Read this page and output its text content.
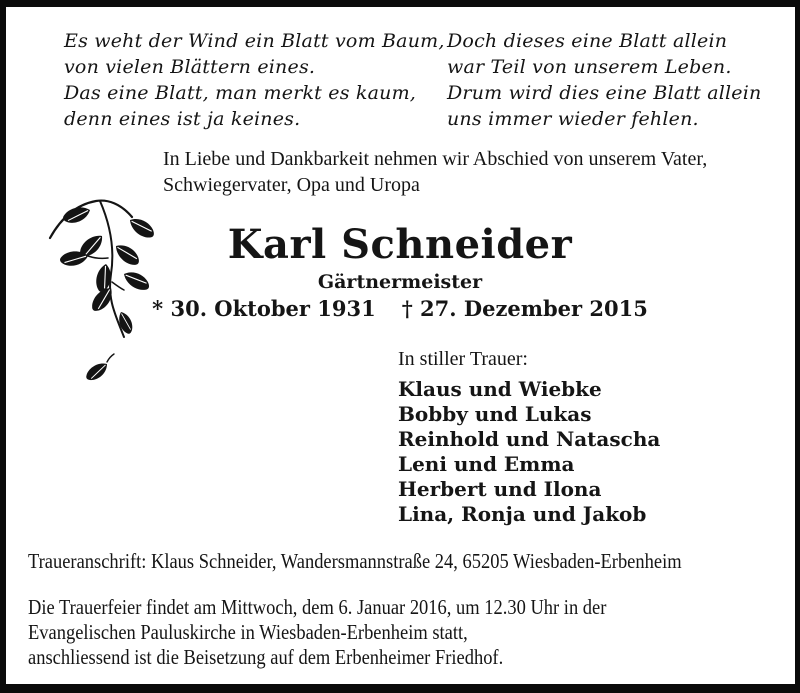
Es weht der Wind ein Blatt vom Baum,
von vielen Blättern eines.
Das eine Blatt, man merkt es kaum,
denn eines ist ja keines.
Doch dieses eine Blatt allein
war Teil von unserem Leben.
Drum wird dies eine Blatt allein
uns immer wieder fehlen.
In Liebe und Dankbarkeit nehmen wir Abschied von unserem Vater,
Schwiegervater, Opa und Uropa
Karl Schneider
Gärtnermeister
* 30. Oktober 1931 † 27. Dezember 2015
In stiller Trauer:
Klaus und Wiebke
Bobby und Lukas
Reinhold und Natascha
Leni und Emma
Herbert und Ilona
Lina, Ronja und Jakob
Traueranschrift: Klaus Schneider, Wandersmannstraße 24, 65205 Wiesbaden-Erbenheim
Die Trauerfeier findet am Mittwoch, dem 6. Januar 2016, um 12.30 Uhr in der
Evangelischen Pauluskirche in Wiesbaden-Erbenheim statt,
anschliessend ist die Beisetzung auf dem Erbenheimer Friedhof.
